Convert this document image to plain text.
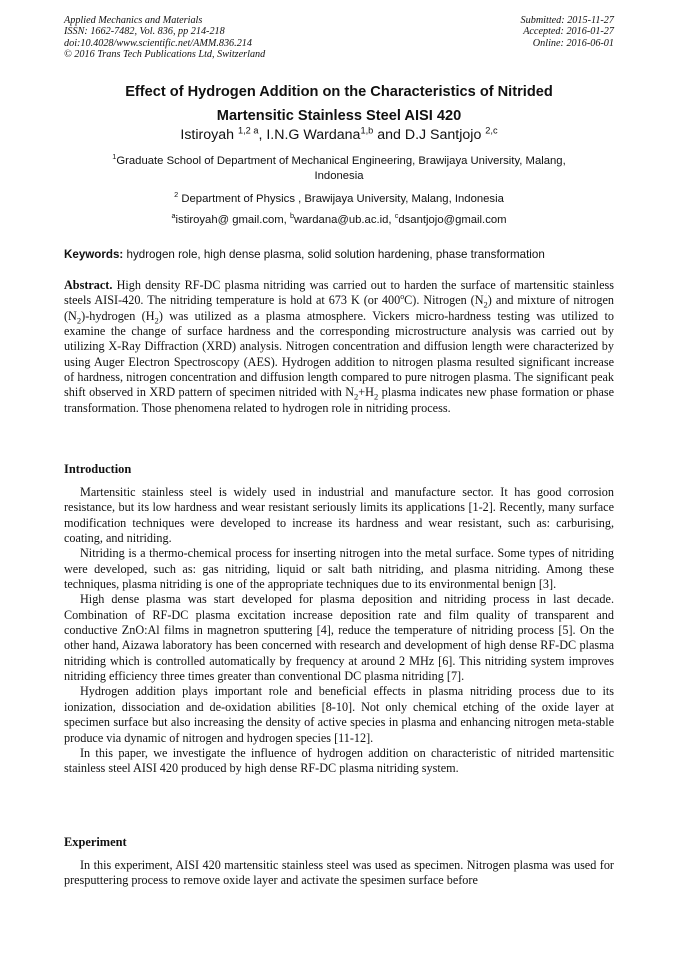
Applied Mechanics and Materials
ISSN: 1662-7482, Vol. 836, pp 214-218
doi:10.4028/www.scientific.net/AMM.836.214
© 2016 Trans Tech Publications Ltd, Switzerland
Submitted: 2015-11-27
Accepted: 2016-01-27
Online: 2016-06-01
Effect of Hydrogen Addition on the Characteristics of Nitrided
Martensitic Stainless Steel AISI 420
Istiroyah $^{1,2 a}$, I.N.G Wardana$^{1,b}$ and D.J Santjojo $^{2,c}$
$^1$Graduate School of Department of Mechanical Engineering, Brawijaya University, Malang,
Indonesia
$^2$ Department of Physics , Brawijaya University, Malang, Indonesia
$^a$istiroyah@ gmail.com, $^b$wardana@ub.ac.id, $^c$dsantjojo@gmail.com
Keywords: hydrogen role, high dense plasma, solid solution hardening, phase transformation
Abstract. High density RF-DC plasma nitriding was carried out to harden the surface of martensitic stainless steels AISI-420. The nitriding temperature is hold at 673 K (or 400$^o$C). Nitrogen $(N_2)$ and mixture of nitrogen $(N_2)$-hydrogen $(H_2)$ was utilized as a plasma atmosphere. Vickers micro-hardness testing was utilized to examine the change of surface hardness and the corresponding microstructure analysis was carried out by utilizing X-Ray Diffraction (XRD) analysis. Nitrogen concentration and diffusion length were characterized by using Auger Electron Spectroscopy (AES). Hydrogen addition to nitrogen plasma resulted significant increase of hardness, nitrogen concentration and diffusion length compared to pure nitrogen plasma. The significant peak shift observed in XRD pattern of specimen nitrided with $N_2+H_2$ plasma indicates new phase formation or phase transformation. Those phenomena related to hydrogen role in nitriding process.
Introduction

Martensitic stainless steel is widely used in industrial and manufacture sector. It has good corrosion resistance, but its low hardness and wear resistant seriously limits its applications [1-2]. Recently, many surface modification techniques were developed to increase its hardness and wear resistant, such as: carburising, coating, and nitriding.

Nitriding is a thermo-chemical process for inserting nitrogen into the metal surface. Some types of nitriding were developed, such as: gas nitriding, liquid or salt bath nitriding, and plasma nitriding. Among these techniques, plasma nitriding is one of the appropriate techniques due to its environmental benign [3].

High dense plasma was start developed for plasma deposition and nitriding process in last decade. Combination of RF-DC plasma excitation increase deposition rate and film quality of transparent and conductive ZnO:Al films in magnetron sputtering [4], reduce the temperature of nitriding process [5]. On the other hand, Aizawa laboratory has been concerned with research and development of high dense RF-DC plasma nitriding which is controlled automatically by frequency at around 2 MHz [6]. This nitriding system improves nitriding efficiency three times greater than conventional DC plasma nitriding [7].

Hydrogen addition plays important role and beneficial effects in plasma nitriding process due to its ionization, dissociation and de-oxidation abilities [8-10]. Not only chemical etching of the oxide layer at specimen surface but also increasing the density of active species in plasma and enhancing nitrogen meta-stable produce via dynamic of nitrogen and hydrogen species [11-12].

In this paper, we investigate the influence of hydrogen addition on characteristic of nitrided martensitic stainless steel AISI 420 produced by high dense RF-DC plasma nitriding system.

Experiment

In this experiment, AISI 420 martensitic stainless steel was used as specimen. Nitrogen plasma was used for presputtering process to remove oxide layer and activate the spesimen surface before
